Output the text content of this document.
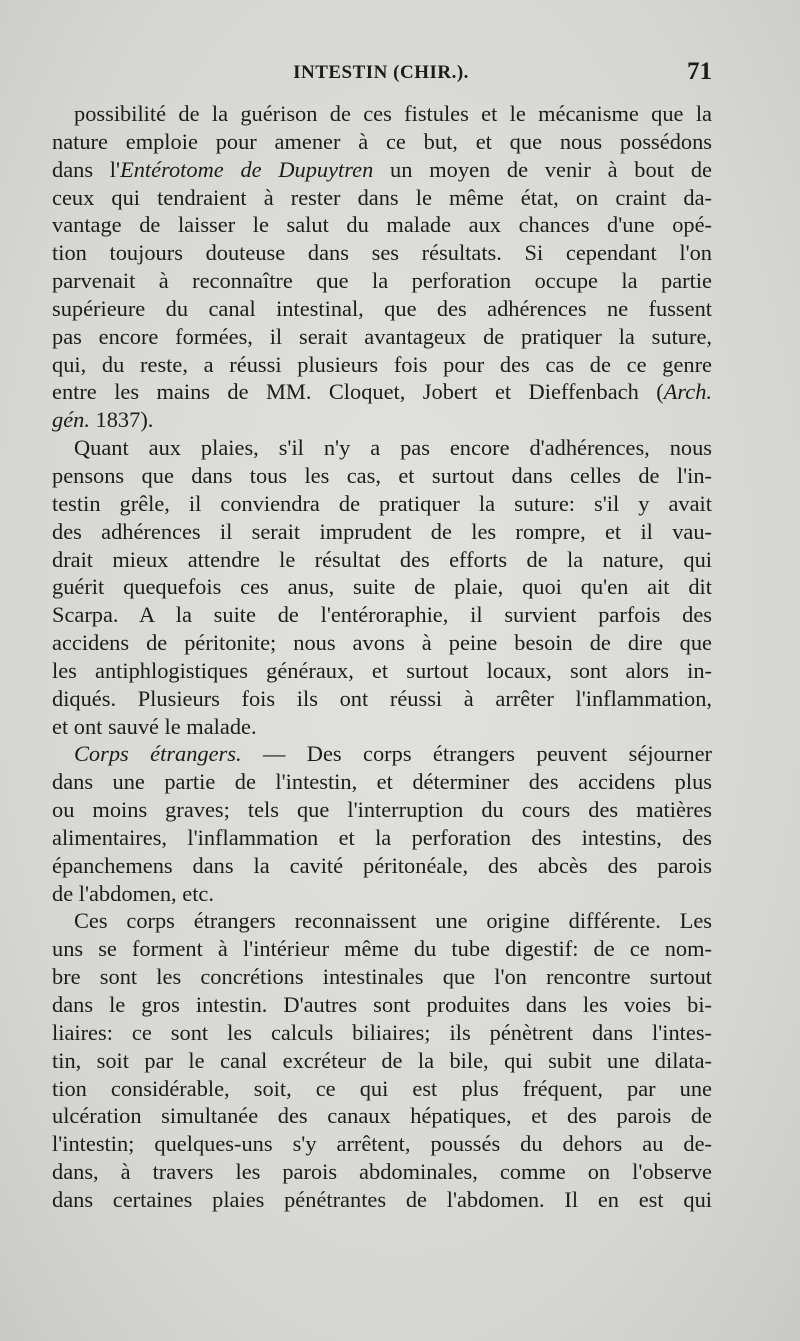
INTESTIN (CHIR.).	71
possibilité de la guérison de ces fistules et le mécanisme que la
nature emploie pour amener à ce but, et que nous possédons
dans l'Entérotome de Dupuytren un moyen de venir à bout de
ceux qui tendraient à rester dans le même état, on craint da-
vantage de laisser le salut du malade aux chances d'une opé-
tion toujours douteuse dans ses résultats. Si cependant l'on
parvenait à reconnaître que la perforation occupe la partie
supérieure du canal intestinal, que des adhérences ne fussent
pas encore formées, il serait avantageux de pratiquer la suture,
qui, du reste, a réussi plusieurs fois pour des cas de ce genre
entre les mains de MM. Cloquet, Jobert et Dieffenbach (Arch.
gén. 1837).
Quant aux plaies, s'il n'y a pas encore d'adhérences, nous
pensons que dans tous les cas, et surtout dans celles de l'in-
testin grêle, il conviendra de pratiquer la suture: s'il y avait
des adhérences il serait imprudent de les rompre, et il vau-
drait mieux attendre le résultat des efforts de la nature, qui
guérit quequefois ces anus, suite de plaie, quoi qu'en ait dit
Scarpa. A la suite de l'entéroraphie, il survient parfois des
accidens de péritonite; nous avons à peine besoin de dire que
les antiphlogistiques généraux, et surtout locaux, sont alors in-
diqués. Plusieurs fois ils ont réussi à arrêter l'inflammation,
et ont sauvé le malade.
Corps étrangers. — Des corps étrangers peuvent séjourner
dans une partie de l'intestin, et déterminer des accidens plus
ou moins graves; tels que l'interruption du cours des matières
alimentaires, l'inflammation et la perforation des intestins, des
épanchemens dans la cavité péritonéale, des abcès des parois
de l'abdomen, etc.
Ces corps étrangers reconnaissent une origine différente. Les
uns se forment à l'intérieur même du tube digestif: de ce nom-
bre sont les concrétions intestinales que l'on rencontre surtout
dans le gros intestin. D'autres sont produites dans les voies bi-
liaires: ce sont les calculs biliaires; ils pénètrent dans l'intes-
tin, soit par le canal excréteur de la bile, qui subit une dilata-
tion considérable, soit, ce qui est plus fréquent, par une
ulcération simultanée des canaux hépatiques, et des parois de
l'intestin; quelques-uns s'y arrêtent, poussés du dehors au de-
dans, à travers les parois abdominales, comme on l'observe
dans certaines plaies pénétrantes de l'abdomen. Il en est qui
